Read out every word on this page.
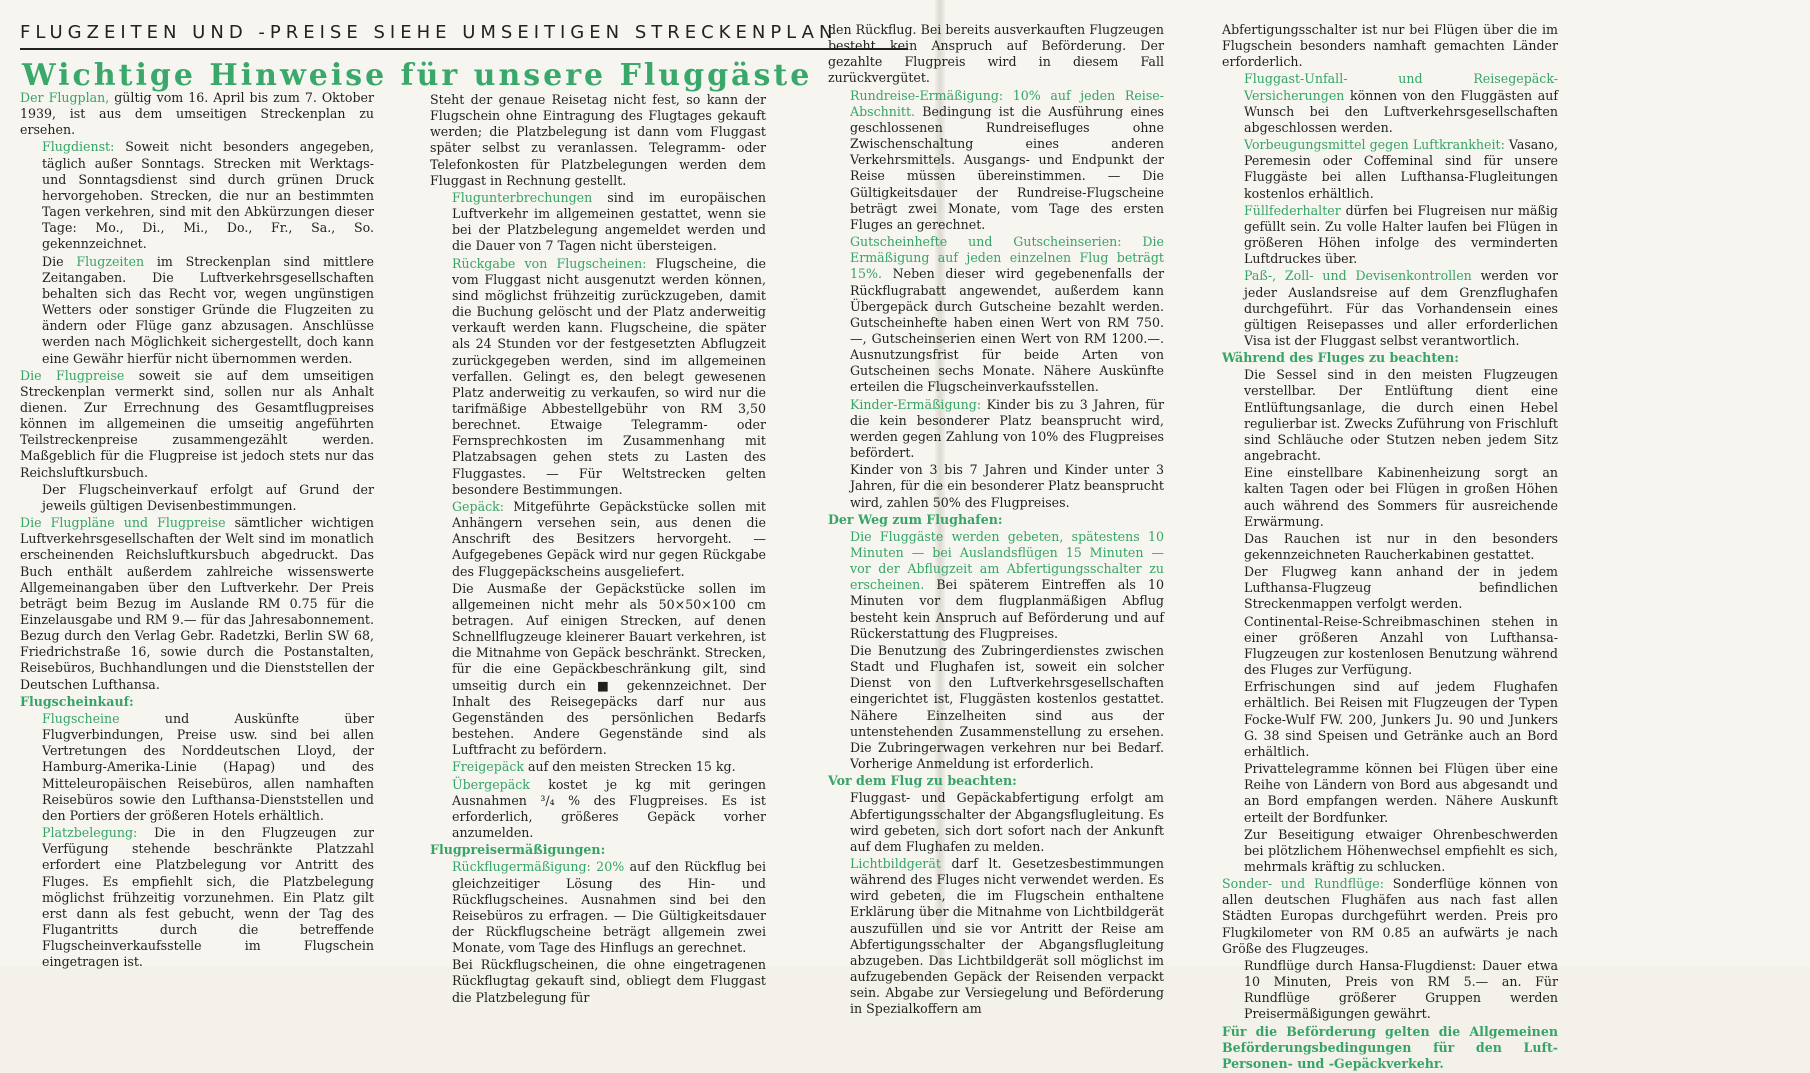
FLUGZEITEN UND -PREISE SIEHE UMSEITIGEN STRECKENPLAN
Wichtige Hinweise für unsere Fluggäste

Der Flugplan, gültig vom 16. April bis zum 7. Oktober 1939, ist aus dem umseitigen Streckenplan zu ersehen.

Flugdienst: Soweit nicht besonders angegeben, täglich außer Sonntags. Strecken mit Werktags- und Sonntagsdienst sind durch grünen Druck hervorgehoben. Strecken, die nur an bestimmten Tagen verkehren, sind mit den Abkürzungen dieser Tage: Mo., Di., Mi., Do., Fr., Sa., So. gekennzeichnet.

Die Flugzeiten im Streckenplan sind mittlere Zeitangaben. Die Luftverkehrsgesellschaften behalten sich das Recht vor, wegen ungünstigen Wetters oder sonstiger Gründe die Flugzeiten zu ändern oder Flüge ganz abzusagen. Anschlüsse werden nach Möglichkeit sichergestellt, doch kann eine Gewähr hierfür nicht übernommen werden.

Die Flugpreise soweit sie auf dem umseitigen Streckenplan vermerkt sind, sollen nur als Anhalt dienen. Zur Errechnung des Gesamtflugpreises können im allgemeinen die umseitig angeführten Teilstreckenpreise zusammengezählt werden. Maßgeblich für die Flugpreise ist jedoch stets nur das Reichsluftkursbuch.

Der Flugscheinverkauf erfolgt auf Grund der jeweils gültigen Devisenbestimmungen.

Die Flugpläne und Flugpreise sämtlicher wichtigen Luftverkehrsgesellschaften der Welt sind im monatlich erscheinenden Reichsluftkursbuch abgedruckt. Das Buch enthält außerdem zahlreiche wissenswerte Allgemeinangaben über den Luftverkehr. Der Preis beträgt beim Bezug im Auslande RM 0.75 für die Einzelausgabe und RM 9.— für das Jahresabonnement. Bezug durch den Verlag Gebr. Radetzki, Berlin SW 68, Friedrichstraße 16, sowie durch die Postanstalten, Reisebüros, Buchhandlungen und die Dienststellen der Deutschen Lufthansa.

Flugscheinkauf:

Flugscheine und Auskünfte über Flugverbindungen, Preise usw. sind bei allen Vertretungen des Norddeutschen Lloyd, der Hamburg-Amerika-Linie (Hapag) und des Mitteleuropäischen Reisebüros, allen namhaften Reisebüros sowie den Lufthansa-Dienststellen und den Portiers der größeren Hotels erhältlich.

Platzbelegung: Die in den Flugzeugen zur Verfügung stehende beschränkte Platzzahl erfordert eine Platzbelegung vor Antritt des Fluges. Es empfiehlt sich, die Platzbelegung möglichst frühzeitig vorzunehmen. Ein Platz gilt erst dann als fest gebucht, wenn der Tag des Flugantritts durch die betreffende Flugscheinverkaufsstelle im Flugschein eingetragen ist.

Steht der genaue Reisetag nicht fest, so kann der Flugschein ohne Eintragung des Flugtages gekauft werden; die Platzbelegung ist dann vom Fluggast später selbst zu veranlassen. Telegramm- oder Telefonkosten für Platzbelegungen werden dem Fluggast in Rechnung gestellt.

Flugunterbrechungen sind im europäischen Luftverkehr im allgemeinen gestattet, wenn sie bei der Platzbelegung angemeldet werden und die Dauer von 7 Tagen nicht übersteigen.

Rückgabe von Flugscheinen: Flugscheine, die vom Fluggast nicht ausgenutzt werden können, sind möglichst frühzeitig zurückzugeben, damit die Buchung gelöscht und der Platz anderweitig verkauft werden kann. Flugscheine, die später als 24 Stunden vor der festgesetzten Abflugzeit zurückgegeben werden, sind im allgemeinen verfallen. Gelingt es, den belegt gewesenen Platz anderweitig zu verkaufen, so wird nur die tarifmäßige Abbestellgebühr von RM 3,50 berechnet. Etwaige Telegramm- oder Fernsprechkosten im Zusammenhang mit Platzabsagen gehen stets zu Lasten des Fluggastes. — Für Weltstrecken gelten besondere Bestimmungen.

Gepäck: Mitgeführte Gepäckstücke sollen mit Anhängern versehen sein, aus denen die Anschrift des Besitzers hervorgeht. — Aufgegebenes Gepäck wird nur gegen Rückgabe des Fluggepäckscheins ausgeliefert.

Die Ausmaße der Gepäckstücke sollen im allgemeinen nicht mehr als 50×50×100 cm betragen. Auf einigen Strecken, auf denen Schnellflugzeuge kleinerer Bauart verkehren, ist die Mitnahme von Gepäck beschränkt. Strecken, für die eine Gepäckbeschränkung gilt, sind umseitig durch ein ■ gekennzeichnet. Der Inhalt des Reisegepäcks darf nur aus Gegenständen des persönlichen Bedarfs bestehen. Andere Gegenstände sind als Luftfracht zu befördern.

Freigepäck auf den meisten Strecken 15 kg.

Übergepäck kostet je kg mit geringen Ausnahmen ³/₄ % des Flugpreises. Es ist erforderlich, größeres Gepäck vorher anzumelden.

Flugpreisermäßigungen:

Rückflugermäßigung: 20% auf den Rückflug bei gleichzeitiger Lösung des Hin- und Rückflugscheines. Ausnahmen sind bei den Reisebüros zu erfragen. — Die Gültigkeitsdauer der Rückflugscheine beträgt allgemein zwei Monate, vom Tage des Hinflugs an gerechnet.

Bei Rückflugscheinen, die ohne eingetragenen Rückflugtag gekauft sind, obliegt dem Fluggast die Platzbelegung für

den Rückflug. Bei bereits ausverkauften Flugzeugen besteht kein Anspruch auf Beförderung. Der gezahlte Flugpreis wird in diesem Fall zurückvergütet.

Rundreise-Ermäßigung: 10% auf jeden Reise-Abschnitt. Bedingung ist die Ausführung eines geschlossenen Rundreisefluges ohne Zwischenschaltung eines anderen Verkehrsmittels. Ausgangs- und Endpunkt der Reise müssen übereinstimmen. — Die Gültigkeitsdauer der Rundreise-Flugscheine beträgt zwei Monate, vom Tage des ersten Fluges an gerechnet.

Gutscheinhefte und Gutscheinserien: Die Ermäßigung auf jeden einzelnen Flug beträgt 15%. Neben dieser wird gegebenenfalls der Rückflugrabatt angewendet, außerdem kann Übergepäck durch Gutscheine bezahlt werden. Gutscheinhefte haben einen Wert von RM 750.—, Gutscheinserien einen Wert von RM 1200.—. Ausnutzungsfrist für beide Arten von Gutscheinen sechs Monate. Nähere Auskünfte erteilen die Flugscheinverkaufsstellen.

Kinder-Ermäßigung: Kinder bis zu 3 Jahren, für die kein besonderer Platz beansprucht wird, werden gegen Zahlung von 10% des Flugpreises befördert.

Kinder von 3 bis 7 Jahren und Kinder unter 3 Jahren, für die ein besonderer Platz beansprucht wird, zahlen 50% des Flugpreises.

Der Weg zum Flughafen:

Die Fluggäste werden gebeten, spätestens 10 Minuten — bei Auslandsflügen 15 Minuten — vor der Abflugzeit am Abfertigungsschalter zu erscheinen. Bei späterem Eintreffen als 10 Minuten vor dem flugplanmäßigen Abflug besteht kein Anspruch auf Beförderung und auf Rückerstattung des Flugpreises.

Die Benutzung des Zubringerdienstes zwischen Stadt und Flughafen ist, soweit ein solcher Dienst von den Luftverkehrsgesellschaften eingerichtet ist, Fluggästen kostenlos gestattet. Nähere Einzelheiten sind aus der untenstehenden Zusammenstellung zu ersehen. Die Zubringerwagen verkehren nur bei Bedarf. Vorherige Anmeldung ist erforderlich.

Vor dem Flug zu beachten:

Fluggast- und Gepäckabfertigung erfolgt am Abfertigungsschalter der Abgangsflugleitung. Es wird gebeten, sich dort sofort nach der Ankunft auf dem Flughafen zu melden.

Lichtbildgerät darf lt. Gesetzesbestimmungen während des Fluges nicht verwendet werden. Es wird gebeten, die im Flugschein enthaltene Erklärung über die Mitnahme von Lichtbildgerät auszufüllen und sie vor Antritt der Reise am Abfertigungsschalter der Abgangsflugleitung abzugeben. Das Lichtbildgerät soll möglichst im aufzugebenden Gepäck der Reisenden verpackt sein. Abgabe zur Versiegelung und Beförderung in Spezialkoffern am

Abfertigungsschalter ist nur bei Flügen über die im Flugschein besonders namhaft gemachten Länder erforderlich.

Fluggast-Unfall- und Reisegepäck-Versicherungen können von den Fluggästen auf Wunsch bei den Luftverkehrsgesellschaften abgeschlossen werden.

Vorbeugungsmittel gegen Luftkrankheit: Vasano, Peremesin oder Coffeminal sind für unsere Fluggäste bei allen Lufthansa-Flugleitungen kostenlos erhältlich.

Füllfederhalter dürfen bei Flugreisen nur mäßig gefüllt sein. Zu volle Halter laufen bei Flügen in größeren Höhen infolge des verminderten Luftdruckes über.

Paß-, Zoll- und Devisenkontrollen werden vor jeder Auslandsreise auf dem Grenzflughafen durchgeführt. Für das Vorhandensein eines gültigen Reisepasses und aller erforderlichen Visa ist der Fluggast selbst verantwortlich.

Während des Fluges zu beachten:

Die Sessel sind in den meisten Flugzeugen verstellbar. Der Entlüftung dient eine Entlüftungsanlage, die durch einen Hebel regulierbar ist. Zwecks Zuführung von Frischluft sind Schläuche oder Stutzen neben jedem Sitz angebracht.

Eine einstellbare Kabinenheizung sorgt an kalten Tagen oder bei Flügen in großen Höhen auch während des Sommers für ausreichende Erwärmung.

Das Rauchen ist nur in den besonders gekennzeichneten Raucherkabinen gestattet.

Der Flugweg kann anhand der in jedem Lufthansa-Flugzeug befindlichen Streckenmappen verfolgt werden.

Continental-Reise-Schreibmaschinen stehen in einer größeren Anzahl von Lufthansa-Flugzeugen zur kostenlosen Benutzung während des Fluges zur Verfügung.

Erfrischungen sind auf jedem Flughafen erhältlich. Bei Reisen mit Flugzeugen der Typen Focke-Wulf FW. 200, Junkers Ju. 90 und Junkers G. 38 sind Speisen und Getränke auch an Bord erhältlich.

Privattelegramme können bei Flügen über eine Reihe von Ländern von Bord aus abgesandt und an Bord empfangen werden. Nähere Auskunft erteilt der Bordfunker.

Zur Beseitigung etwaiger Ohrenbeschwerden bei plötzlichem Höhenwechsel empfiehlt es sich, mehrmals kräftig zu schlucken.

Sonder- und Rundflüge: Sonderflüge können von allen deutschen Flughäfen aus nach fast allen Städten Europas durchgeführt werden. Preis pro Flugkilometer von RM 0.85 an aufwärts je nach Größe des Flugzeuges.

Rundflüge durch Hansa-Flugdienst: Dauer etwa 10 Minuten, Preis von RM 5.— an. Für Rundflüge größerer Gruppen werden Preisermäßigungen gewährt.

Für die Beförderung gelten die Allgemeinen Beförderungsbedingungen für den Luft-Personen- und -Gepäckverkehr.
